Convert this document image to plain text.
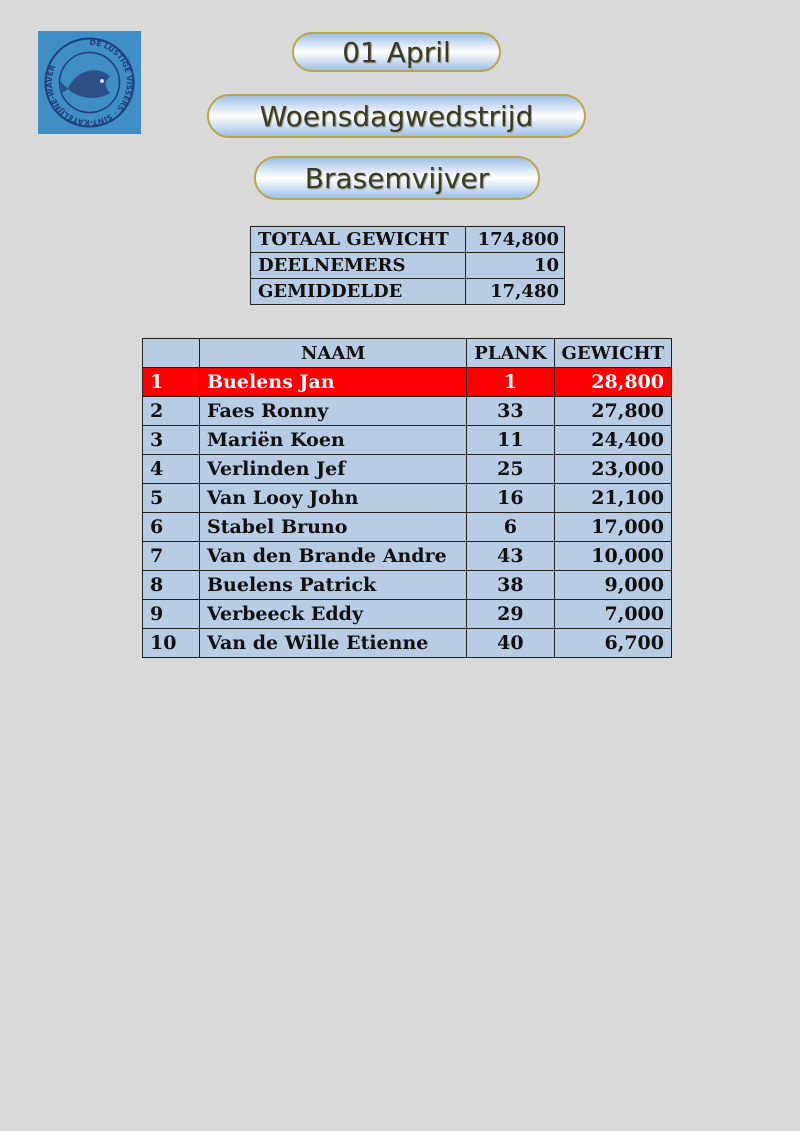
DE LUSTIGE VISSERS · SINT-KATELIJNE-WAVER	01 April
Woensdagwedstrijd
Brasemvijver
TOTAAL GEWICHT	174,800
DEELNEMERS	10
GEMIDDELDE	17,480
	NAAM	PLANK	GEWICHT
1	Buelens Jan	1	28,800
2	Faes Ronny	33	27,800
3	Mariën Koen	11	24,400
4	Verlinden Jef	25	23,000
5	Van Looy John	16	21,100
6	Stabel Bruno	6	17,000
7	Van den Brande Andre	43	10,000
8	Buelens Patrick	38	9,000
9	Verbeeck Eddy	29	7,000
10	Van de Wille Etienne	40	6,700
